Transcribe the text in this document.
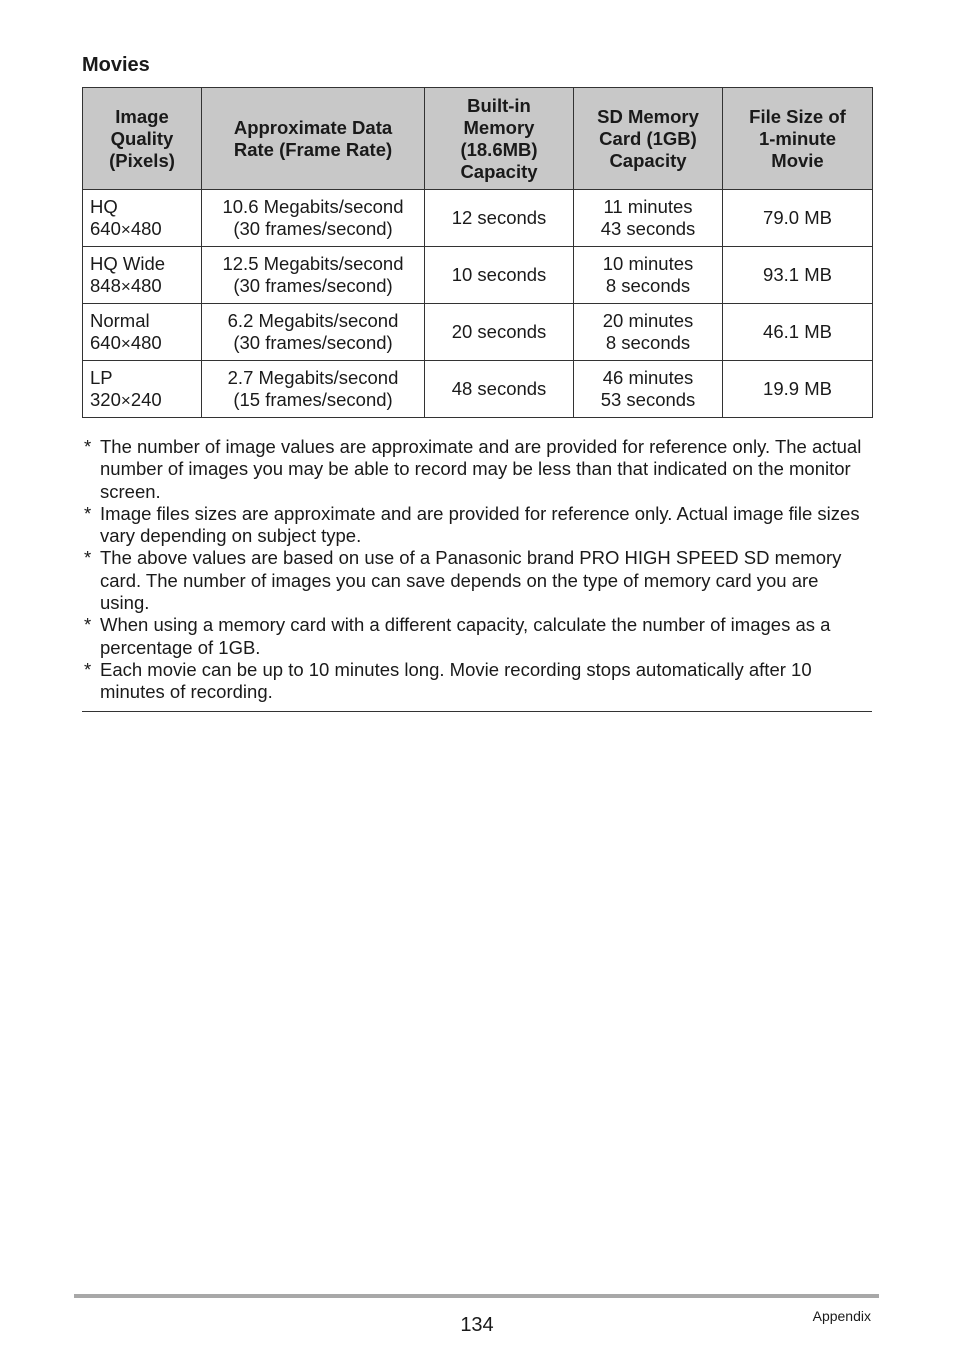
Movies
Image
Quality
(Pixels)	Approximate Data
Rate (Frame Rate)	Built-in
Memory
(18.6MB)
Capacity	SD Memory
Card (1GB)
Capacity	File Size of
1-minute
Movie

HQ
640×480	10.6 Megabits/second
(30 frames/second)	12 seconds	11 minutes
43 seconds	79.0 MB

HQ Wide
848×480	12.5 Megabits/second
(30 frames/second)	10 seconds	10 minutes
8 seconds	93.1 MB

Normal
640×480	6.2 Megabits/second
(30 frames/second)	20 seconds	20 minutes
8 seconds	46.1 MB

LP
320×240	2.7 Megabits/second
(15 frames/second)	48 seconds	46 minutes
53 seconds	19.9 MB
* The number of image values are approximate and are provided for reference only. The actual number of images you may be able to record may be less than that indicated on the monitor screen.
* Image files sizes are approximate and are provided for reference only. Actual image file sizes vary depending on subject type.
* The above values are based on use of a Panasonic brand PRO HIGH SPEED SD memory card. The number of images you can save depends on the type of memory card you are using.
* When using a memory card with a different capacity, calculate the number of images as a percentage of 1GB.
* Each movie can be up to 10 minutes long. Movie recording stops automatically after 10 minutes of recording.
134	Appendix
